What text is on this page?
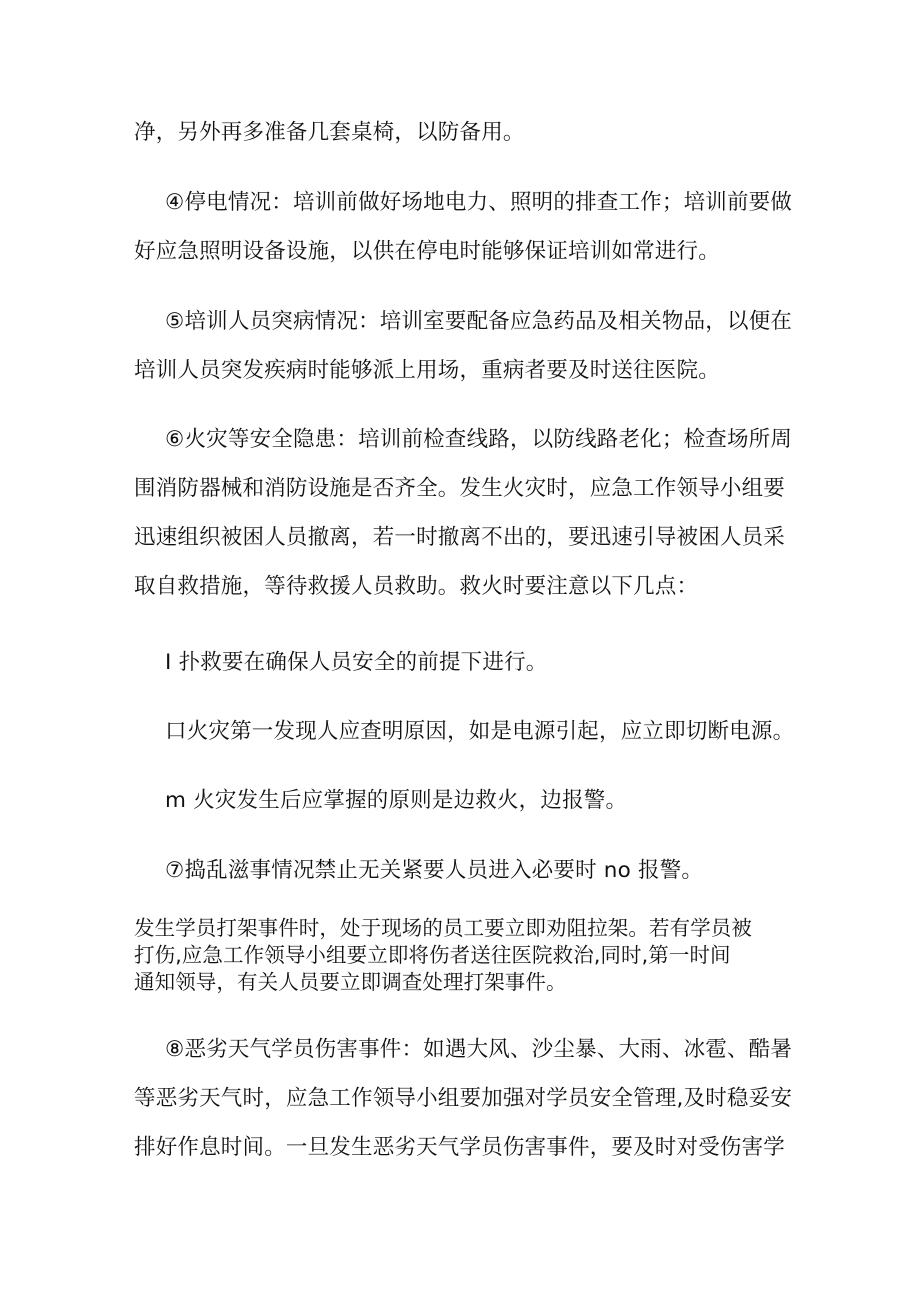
净，另外再多准备几套桌椅，以防备用。

④停电情况：培训前做好场地电力、照明的排查工作；培训前要做

好应急照明设备设施，以供在停电时能够保证培训如常进行。

⑤培训人员突病情况：培训室要配备应急药品及相关物品，以便在

培训人员突发疾病时能够派上用场，重病者要及时送往医院。

⑥火灾等安全隐患：培训前检查线路，以防线路老化；检查场所周

围消防器械和消防设施是否齐全。发生火灾时，应急工作领导小组要

迅速组织被困人员撤离，若一时撤离不出的，要迅速引导被困人员采

取自救措施，等待救援人员救助。救火时要注意以下几点：

I 扑救要在确保人员安全的前提下进行。

口火灾第一发现人应查明原因，如是电源引起，应立即切断电源。

m 火灾发生后应掌握的原则是边救火，边报警。

⑦捣乱滋事情况禁止无关紧要人员进入必要时 no 报警。

发生学员打架事件时，处于现场的员工要立即劝阻拉架。若有学员被

打伤,应急工作领导小组要立即将伤者送往医院救治,同时,第一时间

通知领导，有关人员要立即调查处理打架事件。

⑧恶劣天气学员伤害事件：如遇大风、沙尘暴、大雨、冰雹、酷暑

等恶劣天气时，应急工作领导小组要加强对学员安全管理,及时稳妥安

排好作息时间。一旦发生恶劣天气学员伤害事件，要及时对受伤害学
